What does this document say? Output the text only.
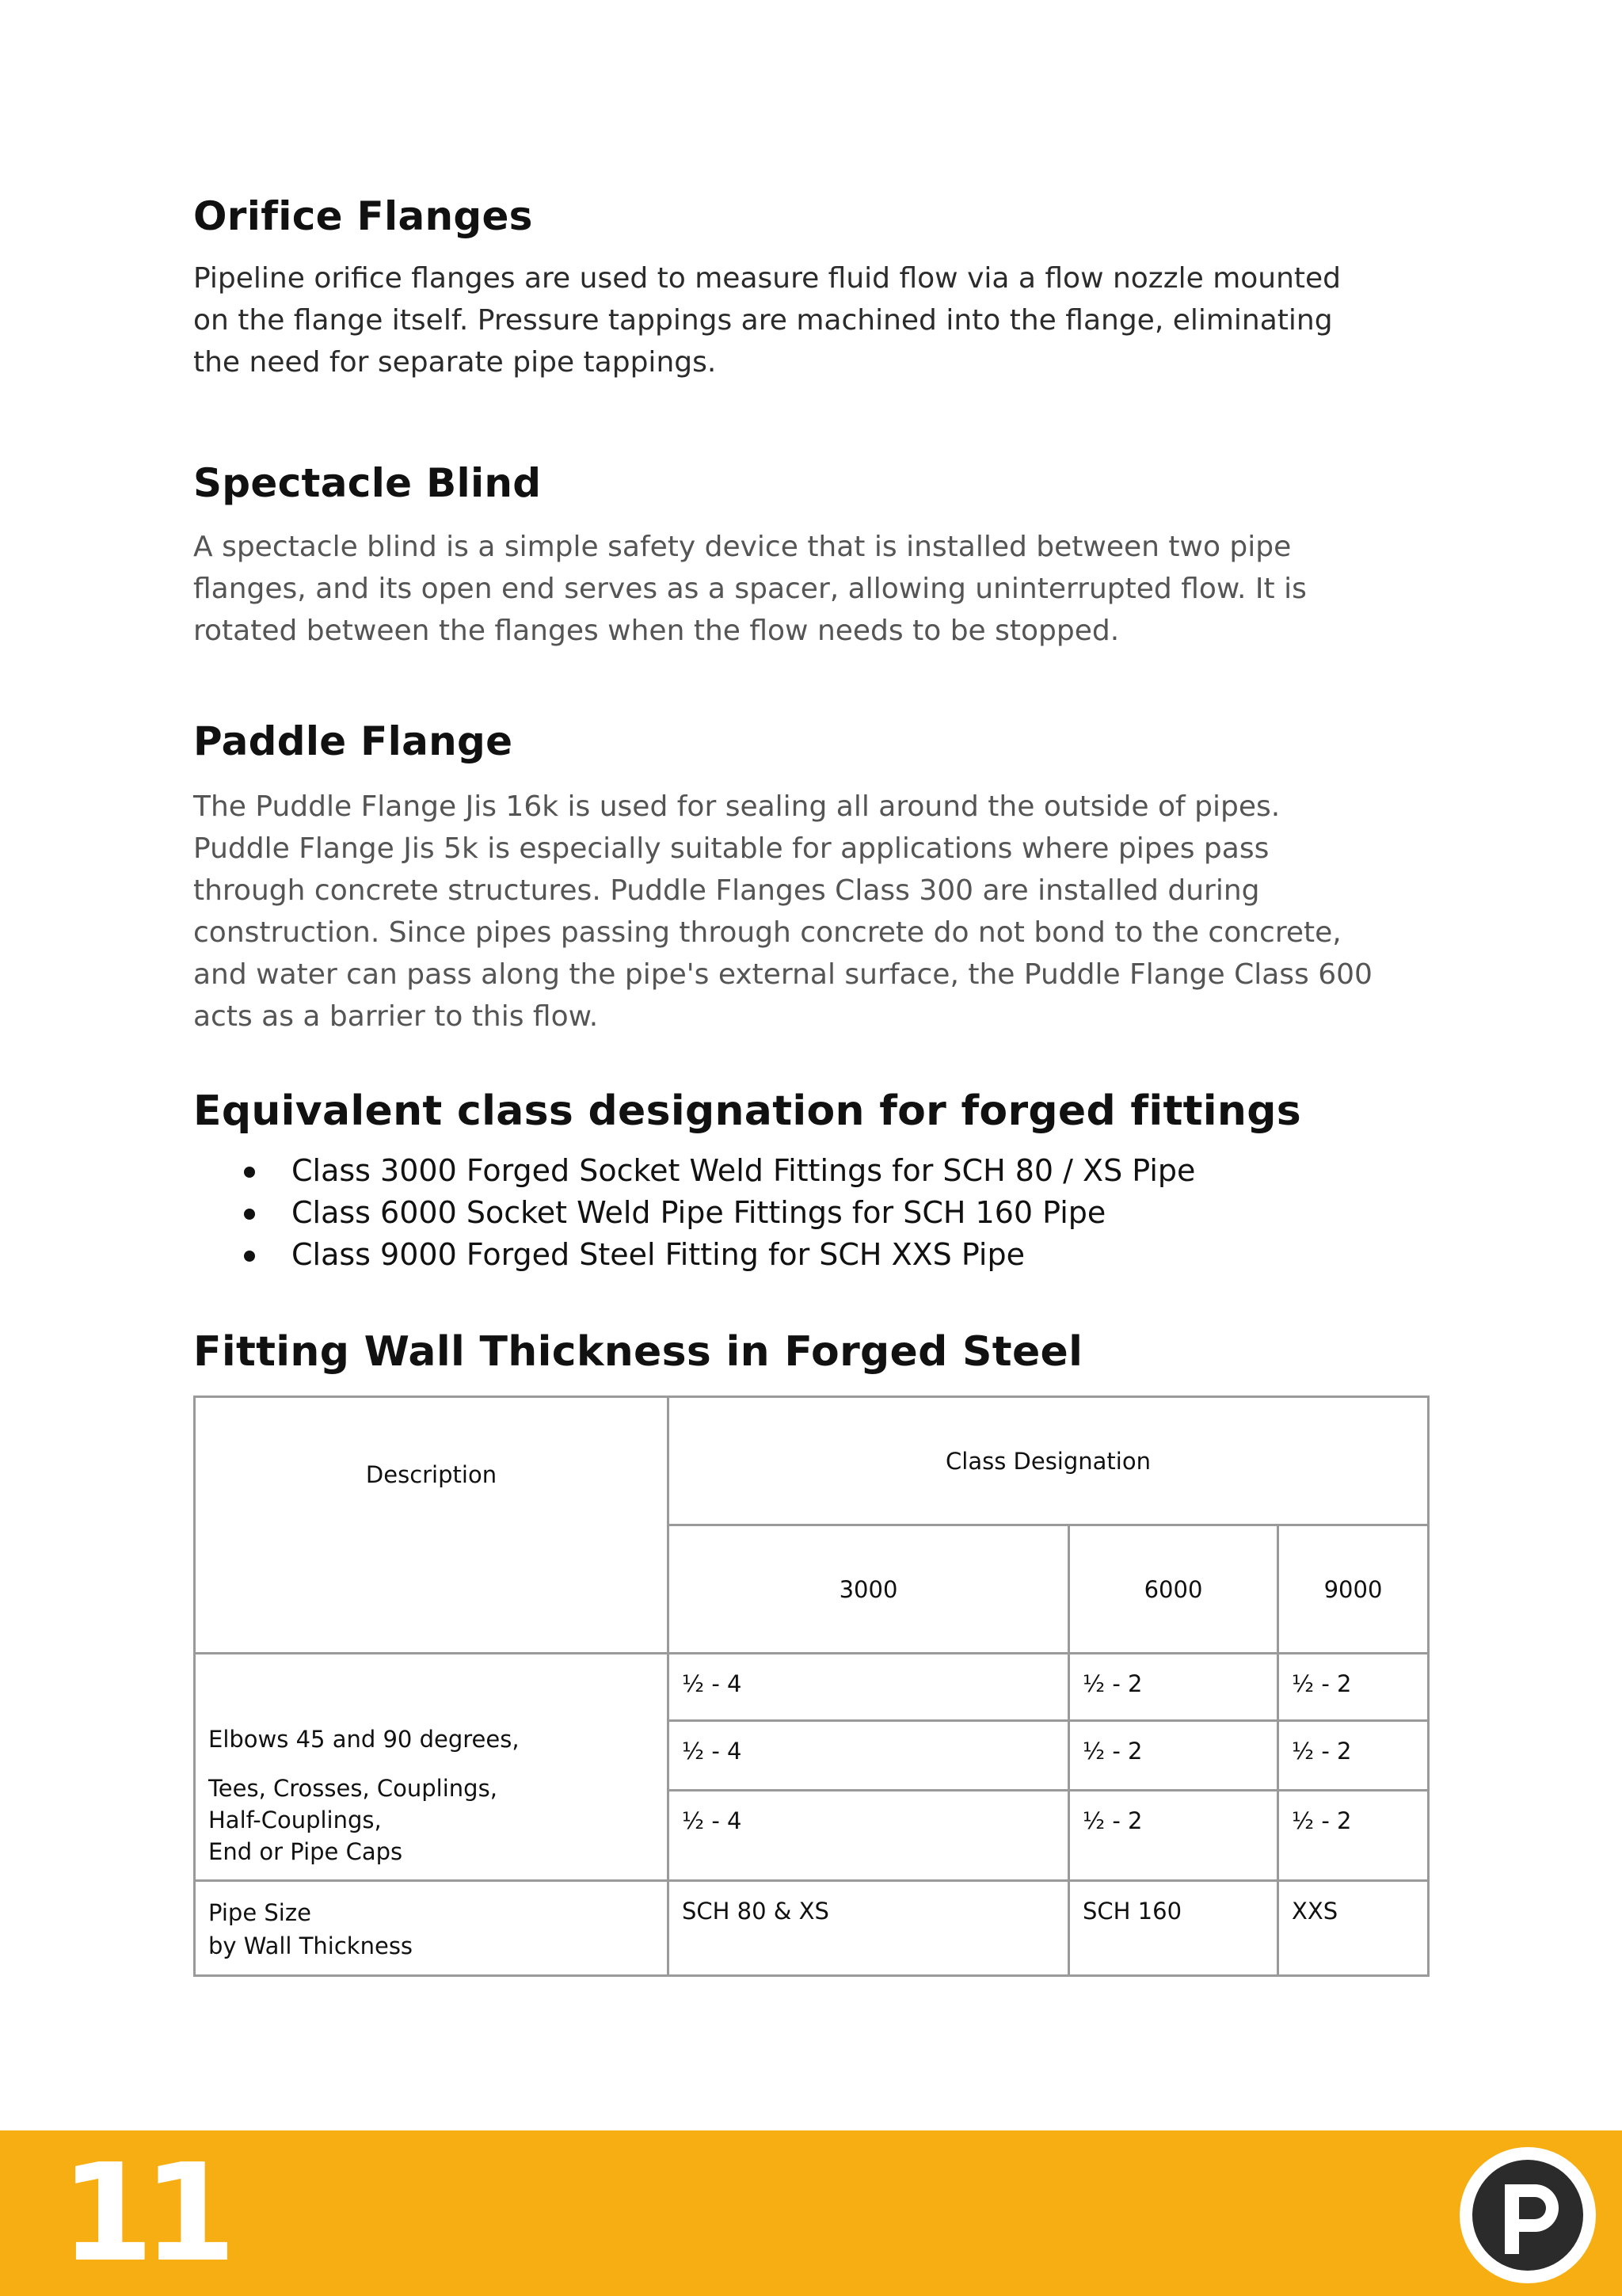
Orifice Flanges

Pipeline orifice flanges are used to measure fluid flow via a flow nozzle mounted
on the flange itself. Pressure tappings are machined into the flange, eliminating
the need for separate pipe tappings.

Spectacle Blind

A spectacle blind is a simple safety device that is installed between two pipe
flanges, and its open end serves as a spacer, allowing uninterrupted flow. It is
rotated between the flanges when the flow needs to be stopped.

Paddle Flange

The Puddle Flange Jis 16k is used for sealing all around the outside of pipes.
Puddle Flange Jis 5k is especially suitable for applications where pipes pass
through concrete structures. Puddle Flanges Class 300 are installed during
construction. Since pipes passing through concrete do not bond to the concrete,
and water can pass along the pipe's external surface, the Puddle Flange Class 600
acts as a barrier to this flow.

Equivalent class designation for forged fittings
Class 3000 Forged Socket Weld Fittings for SCH 80 / XS Pipe
Class 6000 Socket Weld Pipe Fittings for SCH 160 Pipe
Class 9000 Forged Steel Fitting for SCH XXS Pipe
Fitting Wall Thickness in Forged Steel
Description	Class Designation		
	3000	6000	9000

Elbows 45 and 90 degrees,
Tees, Crosses, Couplings,
Half-Couplings,
End or Pipe Caps	½ - 4	½ - 2	½ - 2
	½ - 4	½ - 2	½ - 2
	½ - 4	½ - 2	½ - 2

Pipe Size
by Wall Thickness	SCH 80 & XS	SCH 160	XXS
11
